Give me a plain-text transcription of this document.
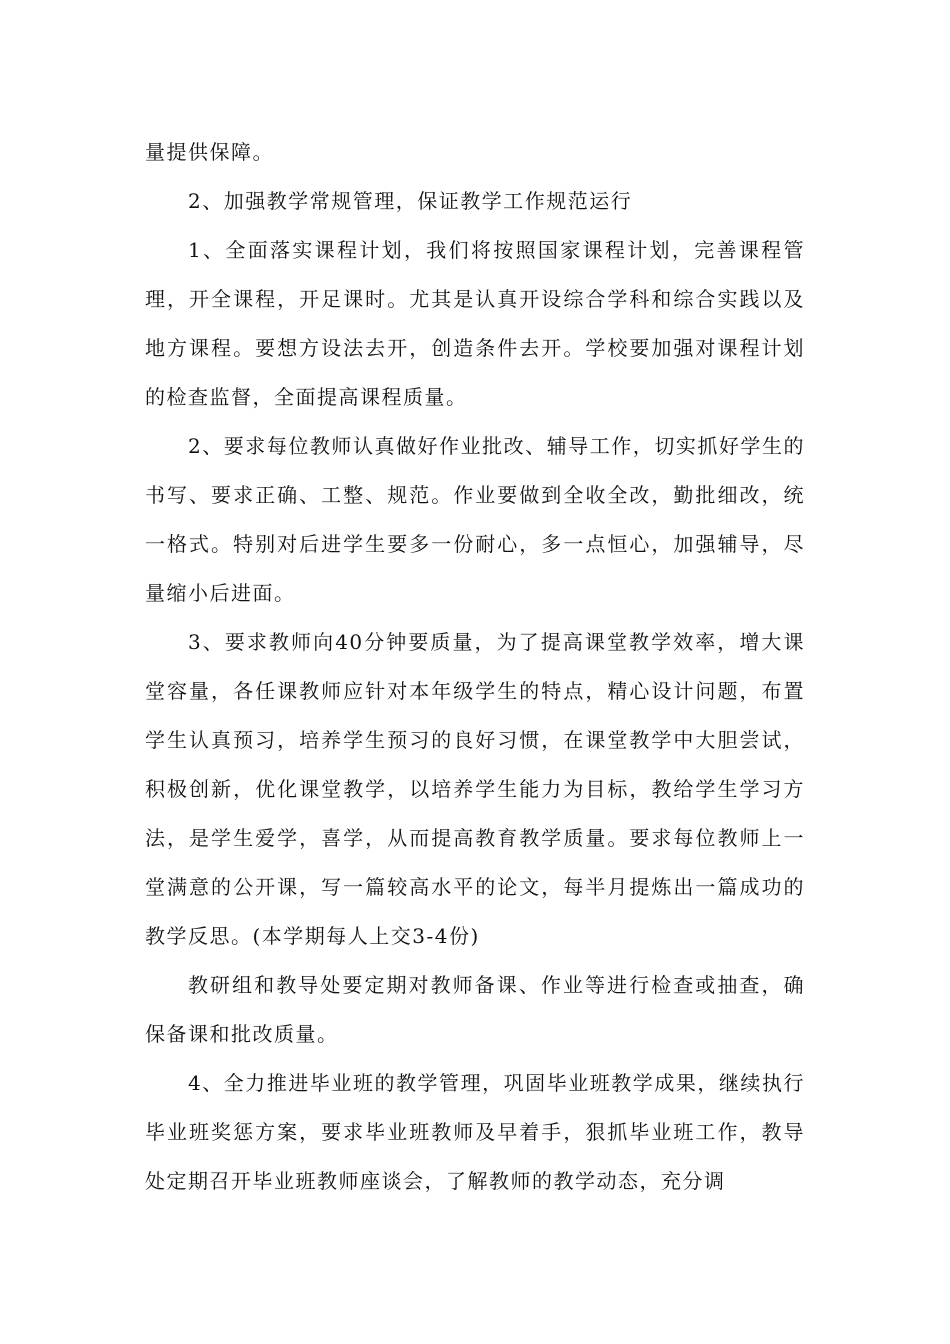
量提供保障。

2、加强教学常规管理，保证教学工作规范运行

1、全面落实课程计划，我们将按照国家课程计划，完善课程管理，开全课程，开足课时。尤其是认真开设综合学科和综合实践以及地方课程。要想方设法去开，创造条件去开。学校要加强对课程计划的检查监督，全面提高课程质量。

2、要求每位教师认真做好作业批改、辅导工作，切实抓好学生的书写、要求正确、工整、规范。作业要做到全收全改，勤批细改，统一格式。特别对后进学生要多一份耐心，多一点恒心，加强辅导，尽量缩小后进面。

3、要求教师向40分钟要质量，为了提高课堂教学效率，增大课堂容量，各任课教师应针对本年级学生的特点，精心设计问题，布置学生认真预习，培养学生预习的良好习惯，在课堂教学中大胆尝试，积极创新，优化课堂教学，以培养学生能力为目标，教给学生学习方法，是学生爱学，喜学，从而提高教育教学质量。要求每位教师上一堂满意的公开课，写一篇较高水平的论文，每半月提炼出一篇成功的教学反思。(本学期每人上交3-4份)

教研组和教导处要定期对教师备课、作业等进行检查或抽查，确保备课和批改质量。

4、全力推进毕业班的教学管理，巩固毕业班教学成果，继续执行毕业班奖惩方案，要求毕业班教师及早着手，狠抓毕业班工作，教导处定期召开毕业班教师座谈会，了解教师的教学动态，充分调
